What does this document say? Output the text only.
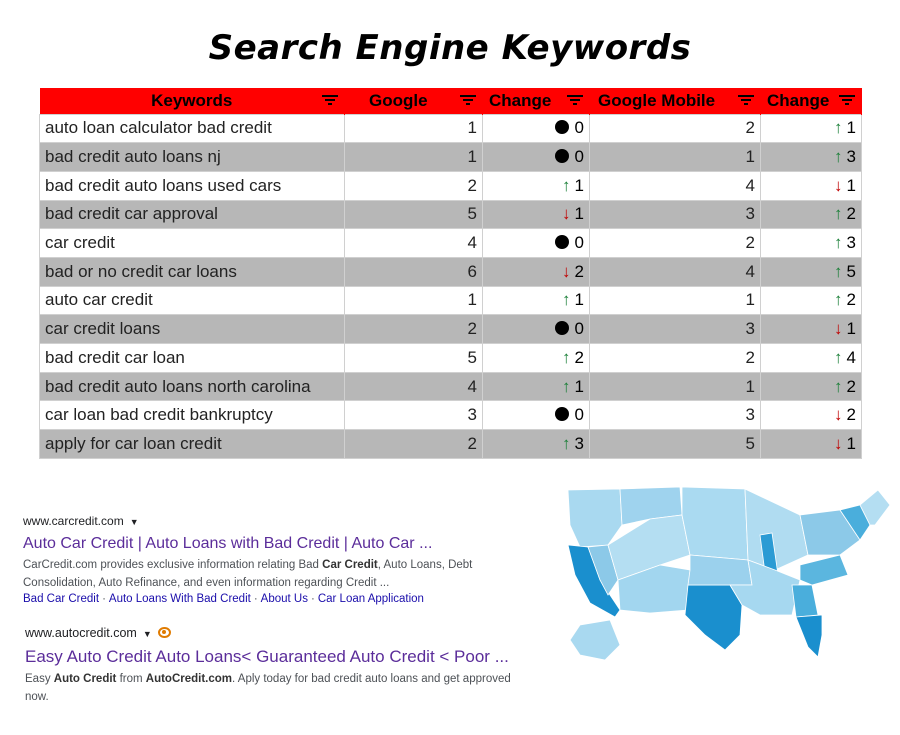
Search Engine Keywords
Keywords	Google	Change	Google Mobile	Change

auto loan calculator bad credit	1	0	2	↑ 1
bad credit auto loans nj	1	0	1	↑ 3
bad credit auto loans used cars	2	↑ 1	4	↓ 1
bad credit car approval	5	↓ 1	3	↑ 2
car credit	4	0	2	↑ 3
bad or no credit car loans	6	↓ 2	4	↑ 5
auto car credit	1	↑ 1	1	↑ 2
car credit loans	2	0	3	↓ 1
bad credit car loan	5	↑ 2	2	↑ 4
bad credit auto loans north carolina	4	↑ 1	1	↑ 2
car loan bad credit bankruptcy	3	0	3	↓ 2
apply for car loan credit	2	↑ 3	5	↓ 1
www.carcredit.com ▼
Auto Car Credit | Auto Loans with Bad Credit | Auto Car ...
CarCredit.com provides exclusive information relating Bad Car Credit, Auto Loans, Debt
Consolidation, Auto Refinance, and even information regarding Credit ...
Bad Car Credit · Auto Loans With Bad Credit · About Us · Car Loan Application
www.autocredit.com ▼
Easy Auto Credit Auto Loans< Guaranteed Auto Credit < Poor ...
Easy Auto Credit from AutoCredit.com. Aply today for bad credit auto loans and get approved
now.
